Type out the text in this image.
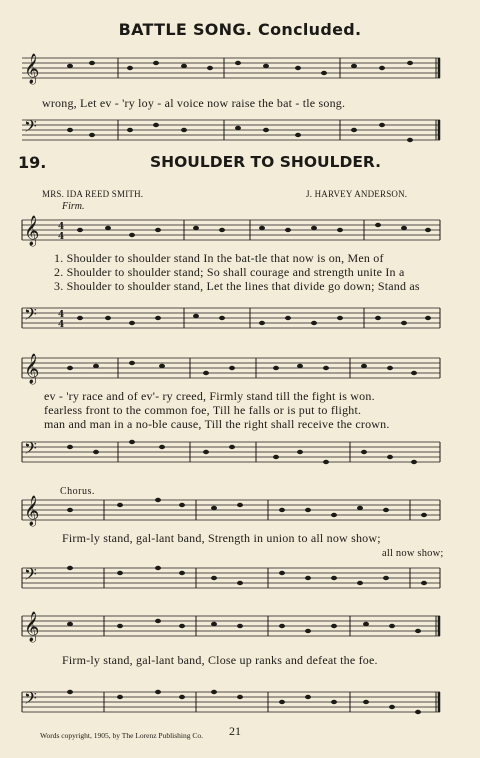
BATTLE SONG. Concluded.
𝄞
wrong, Let ev - 'ry loy - al voice now raise the bat - tle song.
𝄢
19.	SHOULDER TO SHOULDER.
MRS. IDA REED SMITH.	J. HARVEY ANDERSON.
Firm.
𝄞 4
4
1. Shoulder to shoulder stand In the bat-tle that now is on, Men of
2. Shoulder to shoulder stand; So shall courage and strength unite In a
3. Shoulder to shoulder stand, Let the lines that divide go down; Stand as
𝄢 4
4
𝄞
ev - 'ry race and of ev'- ry creed, Firmly stand till the fight is won.
fearless front to the common foe, Till he falls or is put to flight.
man and man in a no-ble cause, Till the right shall receive the crown.
𝄢
Chorus.
𝄞
Firm-ly stand, gal-lant band, Strength in union to all now show;
all now show;
𝄢
𝄞
Firm-ly stand, gal-lant band, Close up ranks and defeat the foe.
𝄢
Words copyright, 1905, by The Lorenz Publishing Co. 21
